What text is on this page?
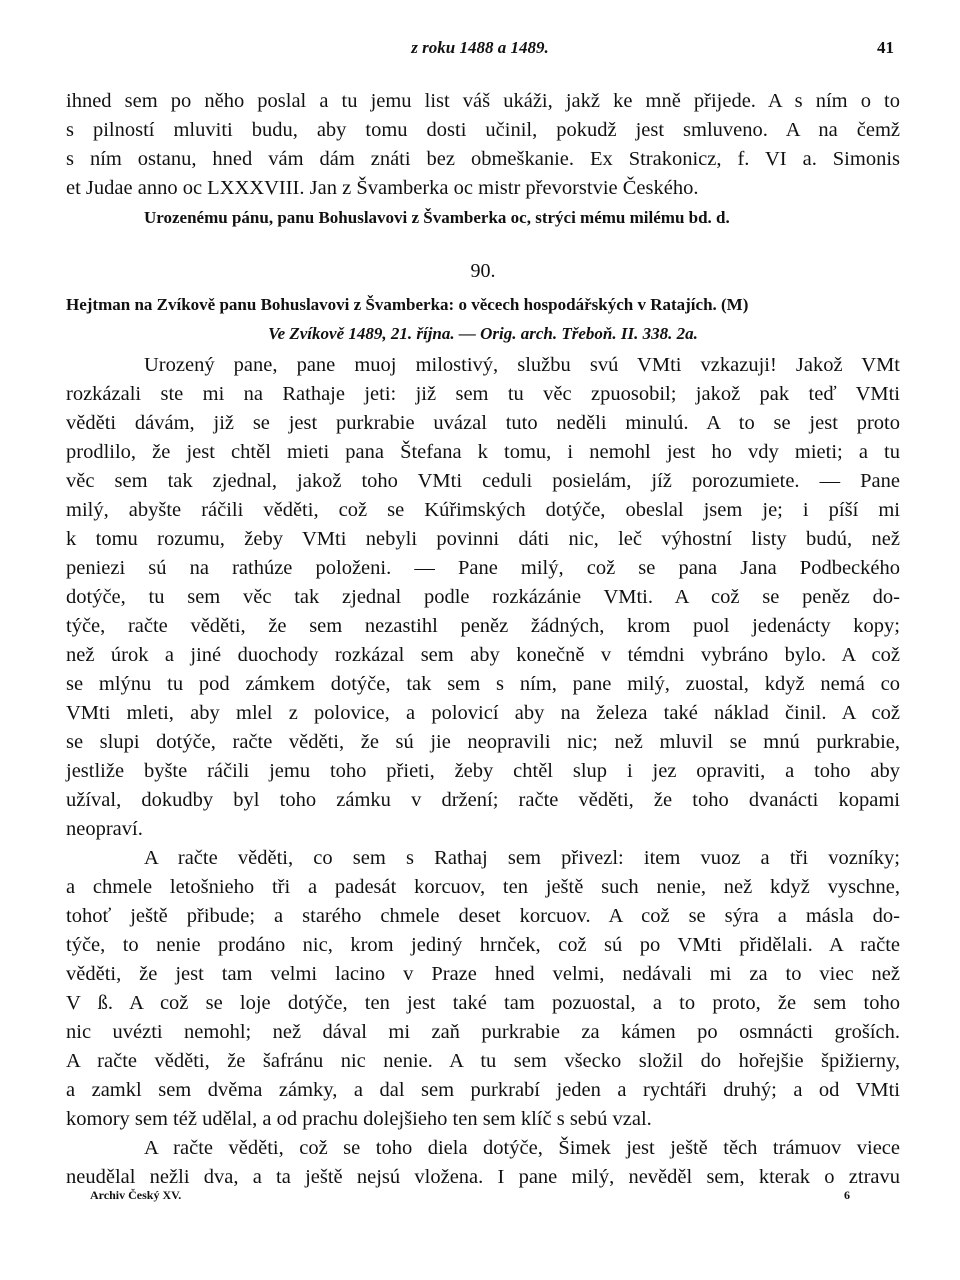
z roku 1488 a 1489.	41
ihned sem po něho poslal a tu jemu list váš ukáži, jakž ke mně přijede. A s ním o to
s pilností mluviti budu, aby tomu dosti učinil, pokudž jest smluveno. A na čemž
s ním ostanu, hned vám dám znáti bez obmeškanie. Ex Strakonicz, f. VI a. Simonis
et Judae anno oc LXXXVIII. Jan z Švamberka oc mistr převorstvie Českého.
Urozenému pánu, panu Bohuslavovi z Švamberka oc, strýci mému milému bd. d.
90.
Hejtman na Zvíkově panu Bohuslavovi z Švamberka: o věcech hospodářských v Ratajích. (M)
Ve Zvíkově 1489, 21. října. — Orig. arch. Třeboň. II. 338. 2a.
Urozený pane, pane muoj milostivý, službu svú VMti vzkazuji! Jakož VMt
rozkázali ste mi na Rathaje jeti: již sem tu věc zpuosobil; jakož pak teď VMti
věděti dávám, již se jest purkrabie uvázal tuto neděli minulú. A to se jest proto
prodlilo, že jest chtěl mieti pana Štefana k tomu, i nemohl jest ho vdy mieti; a tu
věc sem tak zjednal, jakož toho VMti ceduli posielám, jíž porozumiete. — Pane
milý, abyšte ráčili věděti, což se Kúřimských dotýče, obeslal jsem je; i píší mi
k tomu rozumu, žeby VMti nebyli povinni dáti nic, leč výhostní listy budú, než
peniezi sú na rathúze položeni. — Pane milý, což se pana Jana Podbeckého
dotýče, tu sem věc tak zjednal podle rozkázánie VMti. A což se peněz do-
týče, račte věděti, že sem nezastihl peněz žádných, krom puol jedenácty kopy;
než úrok a jiné duochody rozkázal sem aby konečně v témdni vybráno bylo. A což
se mlýnu tu pod zámkem dotýče, tak sem s ním, pane milý, zuostal, když nemá co
VMti mleti, aby mlel z polovice, a polovicí aby na železa také náklad činil. A což
se slupi dotýče, račte věděti, že sú jie neopravili nic; než mluvil se mnú purkrabie,
jestliže byšte ráčili jemu toho přieti, žeby chtěl slup i jez opraviti, a toho aby
užíval, dokudby byl toho zámku v držení; račte věděti, že toho dvanácti kopami
neopraví.
A račte věděti, co sem s Rathaj sem přivezl: item vuoz a tři vozníky;
a chmele letošnieho tři a padesát korcuov, ten ještě such nenie, než když vyschne,
tohoť ještě přibude; a starého chmele deset korcuov. A což se sýra a másla do-
týče, to nenie prodáno nic, krom jediný hrnček, což sú po VMti přidělali. A račte
věděti, že jest tam velmi lacino v Praze hned velmi, nedávali mi za to viec než
V ß. A což se loje dotýče, ten jest také tam pozuostal, a to proto, že sem toho
nic uvézti nemohl; než dával mi zaň purkrabie za kámen po osmnácti groších.
A račte věděti, že šafránu nic nenie. A tu sem všecko složil do hořejšie špižierny,
a zamkl sem dvěma zámky, a dal sem purkrabí jeden a rychtáři druhý; a od VMti
komory sem též udělal, a od prachu dolejšieho ten sem klíč s sebú vzal.
A račte věděti, což se toho diela dotýče, Šimek jest ještě těch trámuov viece
neudělal nežli dva, a ta ještě nejsú vložena. I pane milý, nevěděl sem, kterak o ztravu
Archiv Český XV.	6
